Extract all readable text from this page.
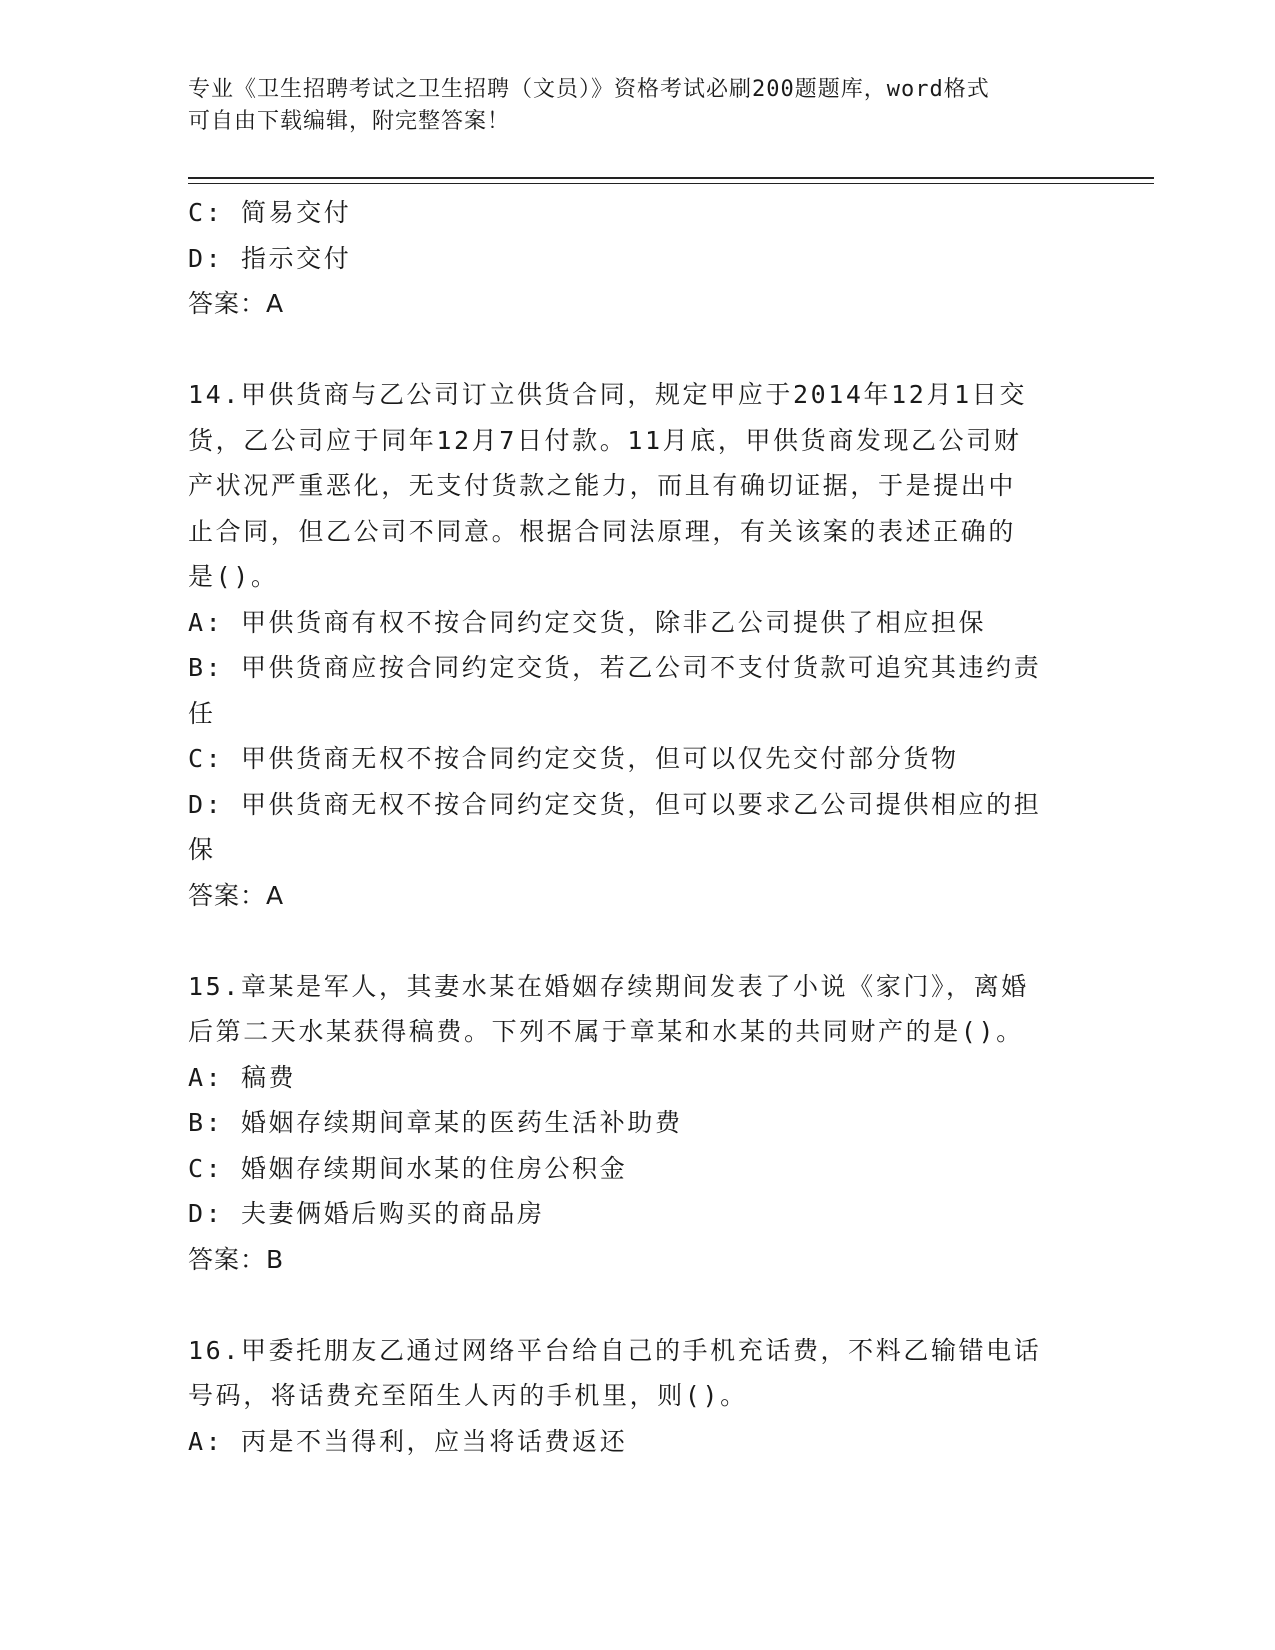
专业《卫生招聘考试之卫生招聘（文员）》资格考试必刷200题题库，word格式
可自由下载编辑，附完整答案！
C: 简易交付
D: 指示交付
答案：A
14.甲供货商与乙公司订立供货合同，规定甲应于2014年12月1日交
货，乙公司应于同年12月7日付款。11月底，甲供货商发现乙公司财
产状况严重恶化，无支付货款之能力，而且有确切证据，于是提出中
止合同，但乙公司不同意。根据合同法原理，有关该案的表述正确的
是()。
A: 甲供货商有权不按合同约定交货，除非乙公司提供了相应担保
B: 甲供货商应按合同约定交货，若乙公司不支付货款可追究其违约责
任
C: 甲供货商无权不按合同约定交货，但可以仅先交付部分货物
D: 甲供货商无权不按合同约定交货，但可以要求乙公司提供相应的担
保
答案：A
15.章某是军人，其妻水某在婚姻存续期间发表了小说《家门》，离婚
后第二天水某获得稿费。下列不属于章某和水某的共同财产的是()。
A: 稿费
B: 婚姻存续期间章某的医药生活补助费
C: 婚姻存续期间水某的住房公积金
D: 夫妻俩婚后购买的商品房
答案：B
16.甲委托朋友乙通过网络平台给自己的手机充话费，不料乙输错电话
号码，将话费充至陌生人丙的手机里，则()。
A: 丙是不当得利，应当将话费返还
